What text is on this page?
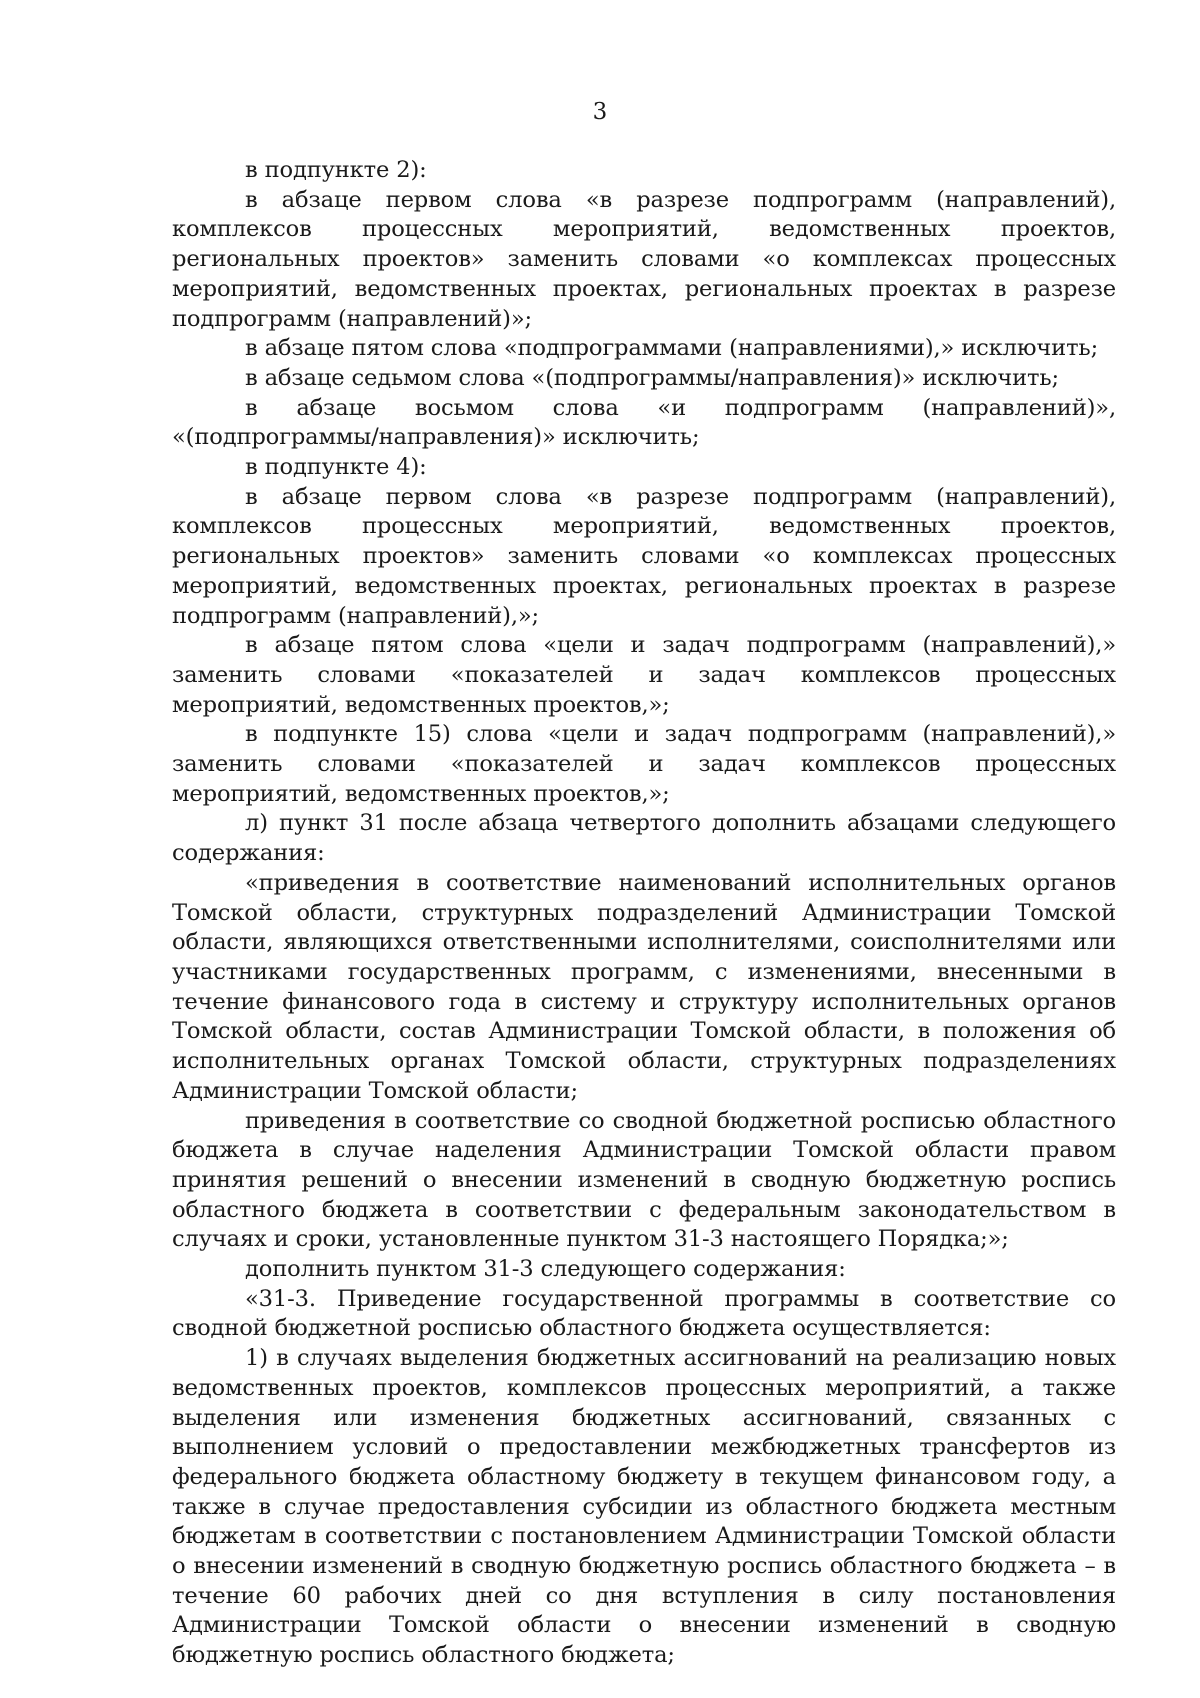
3

в подпункте 2):

в абзаце первом слова «в разрезе подпрограмм (направлений), комплексов процессных мероприятий, ведомственных проектов, региональных проектов» заменить словами «о комплексах процессных мероприятий, ведомственных проектах, региональных проектах в разрезе подпрограмм (направлений)»;

в абзаце пятом слова «подпрограммами (направлениями),» исключить;

в абзаце седьмом слова «(подпрограммы/направления)» исключить;

в абзаце восьмом слова «и подпрограмм (направлений)», «(подпрограммы/направления)» исключить;

в подпункте 4):

в абзаце первом слова «в разрезе подпрограмм (направлений), комплексов процессных мероприятий, ведомственных проектов, региональных проектов» заменить словами «о комплексах процессных мероприятий, ведомственных проектах, региональных проектах в разрезе подпрограмм (направлений),»;

в абзаце пятом слова «цели и задач подпрограмм (направлений),» заменить словами «показателей и задач комплексов процессных мероприятий, ведомственных проектов,»;

в подпункте 15) слова «цели и задач подпрограмм (направлений),» заменить словами «показателей и задач комплексов процессных мероприятий, ведомственных проектов,»;

л) пункт 31 после абзаца четвертого дополнить абзацами следующего содержания:

«приведения в соответствие наименований исполнительных органов Томской области, структурных подразделений Администрации Томской области, являющихся ответственными исполнителями, соисполнителями или участниками государственных программ, с изменениями, внесенными в течение финансового года в систему и структуру исполнительных органов Томской области, состав Администрации Томской области, в положения об исполнительных органах Томской области, структурных подразделениях Администрации Томской области;

приведения в соответствие со сводной бюджетной росписью областного бюджета в случае наделения Администрации Томской области правом принятия решений о внесении изменений в сводную бюджетную роспись областного бюджета в соответствии с федеральным законодательством в случаях и сроки, установленные пунктом 31-3 настоящего Порядка;»;

дополнить пунктом 31-3 следующего содержания:

«31-3. Приведение государственной программы в соответствие со сводной бюджетной росписью областного бюджета осуществляется:

1) в случаях выделения бюджетных ассигнований на реализацию новых ведомственных проектов, комплексов процессных мероприятий, а также выделения или изменения бюджетных ассигнований, связанных с выполнением условий о предоставлении межбюджетных трансфертов из федерального бюджета областному бюджету в текущем финансовом году, а также в случае предоставления субсидии из областного бюджета местным бюджетам в соответствии с постановлением Администрации Томской области о внесении изменений в сводную бюджетную роспись областного бюджета – в течение 60 рабочих дней со дня вступления в силу постановления Администрации Томской области о внесении изменений в сводную бюджетную роспись областного бюджета;
